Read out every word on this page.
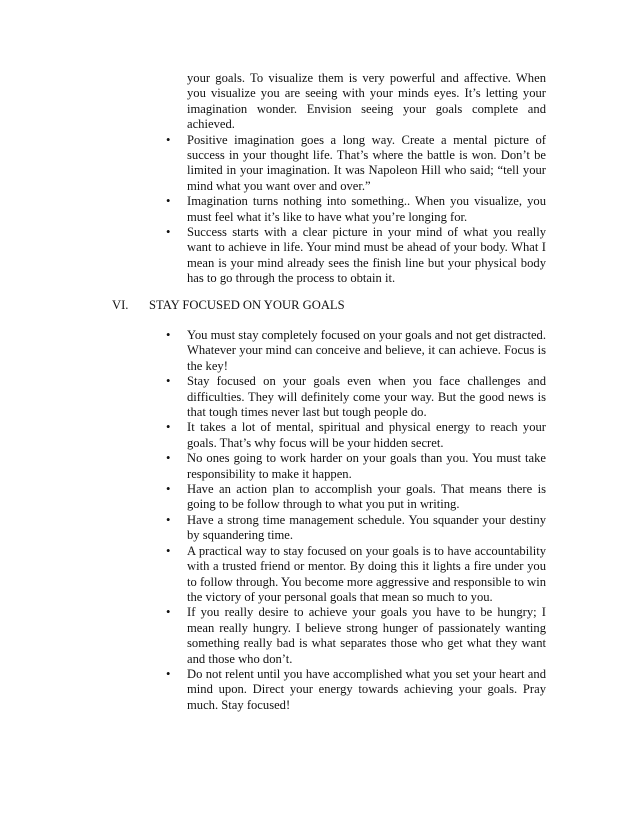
your goals. To visualize them is very powerful and affective. When you visualize you are seeing with your minds eyes. It’s letting your imagination wonder. Envision seeing your goals complete and achieved.
• Positive imagination goes a long way. Create a mental picture of success in your thought life. That’s where the battle is won. Don’t be limited in your imagination. It was Napoleon Hill who said; “tell your mind what you want over and over.”
• Imagination turns nothing into something.. When you visualize, you must feel what it’s like to have what you’re longing for.
• Success starts with a clear picture in your mind of what you really want to achieve in life. Your mind must be ahead of your body. What I mean is your mind already sees the finish line but your physical body has to go through the process to obtain it.
VI. STAY FOCUSED ON YOUR GOALS
• You must stay completely focused on your goals and not get distracted. Whatever your mind can conceive and believe, it can achieve. Focus is the key!
• Stay focused on your goals even when you face challenges and difficulties. They will definitely come your way. But the good news is that tough times never last but tough people do.
• It takes a lot of mental, spiritual and physical energy to reach your goals. That’s why focus will be your hidden secret.
• No ones going to work harder on your goals than you. You must take responsibility to make it happen.
• Have an action plan to accomplish your goals. That means there is going to be follow through to what you put in writing.
• Have a strong time management schedule. You squander your destiny by squandering time.
• A practical way to stay focused on your goals is to have accountability with a trusted friend or mentor. By doing this it lights a fire under you to follow through. You become more aggressive and responsible to win the victory of your personal goals that mean so much to you.
• If you really desire to achieve your goals you have to be hungry; I mean really hungry. I believe strong hunger of passionately wanting something really bad is what separates those who get what they want and those who don’t.
• Do not relent until you have accomplished what you set your heart and mind upon. Direct your energy towards achieving your goals. Pray much. Stay focused!
